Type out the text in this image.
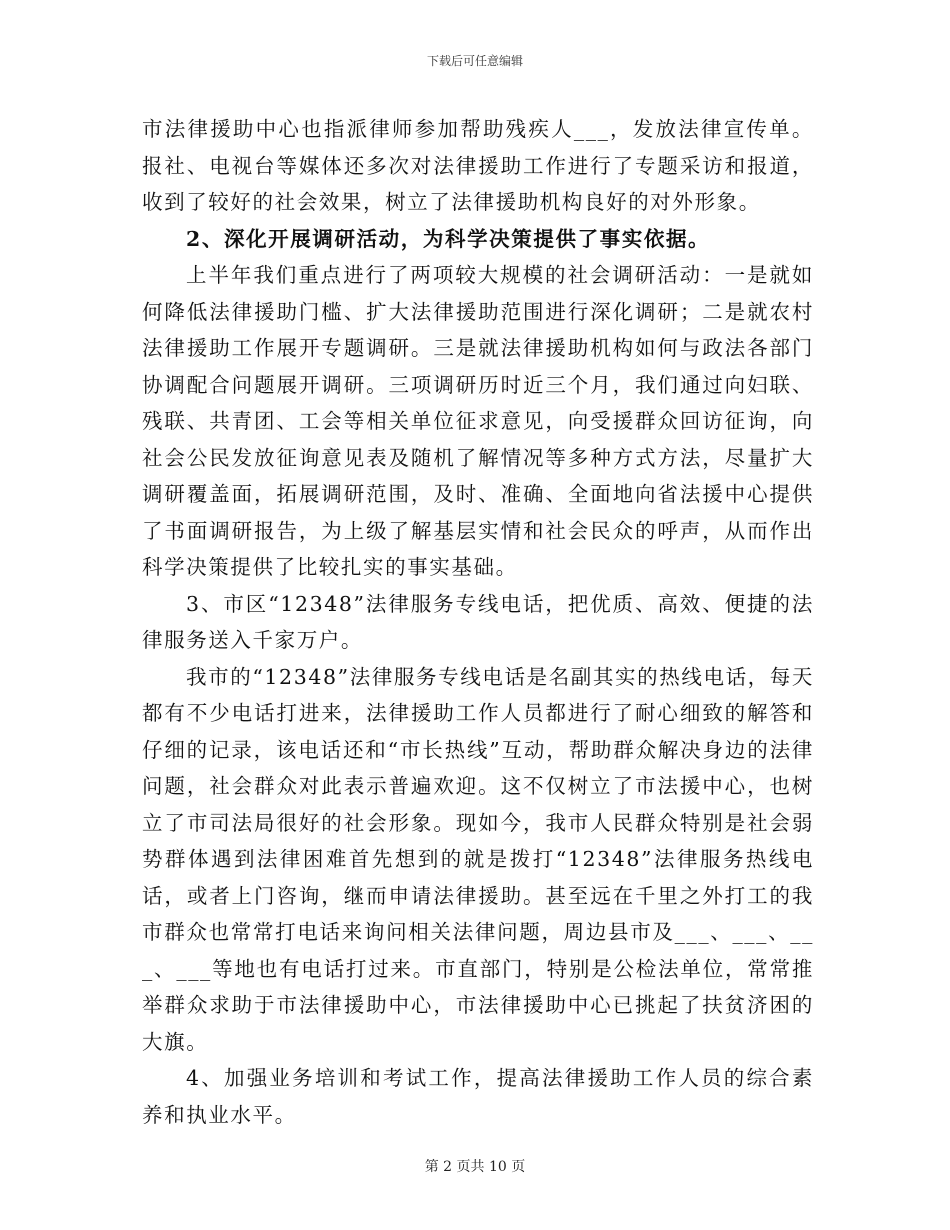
下载后可任意编辑

市法律援助中心也指派律师参加帮助残疾人___，发放法律宣传单。报社、电视台等媒体还多次对法律援助工作进行了专题采访和报道，收到了较好的社会效果，树立了法律援助机构良好的对外形象。

2、深化开展调研活动，为科学决策提供了事实依据。

上半年我们重点进行了两项较大规模的社会调研活动：一是就如何降低法律援助门槛、扩大法律援助范围进行深化调研；二是就农村法律援助工作展开专题调研。三是就法律援助机构如何与政法各部门协调配合问题展开调研。三项调研历时近三个月，我们通过向妇联、残联、共青团、工会等相关单位征求意见，向受援群众回访征询，向社会公民发放征询意见表及随机了解情况等多种方式方法，尽量扩大调研覆盖面，拓展调研范围，及时、准确、全面地向省法援中心提供了书面调研报告，为上级了解基层实情和社会民众的呼声，从而作出科学决策提供了比较扎实的事实基础。

3、市区“12348”法律服务专线电话，把优质、高效、便捷的法律服务送入千家万户。

我市的“12348”法律服务专线电话是名副其实的热线电话，每天都有不少电话打进来，法律援助工作人员都进行了耐心细致的解答和仔细的记录，该电话还和“市长热线”互动，帮助群众解决身边的法律问题，社会群众对此表示普遍欢迎。这不仅树立了市法援中心，也树立了市司法局很好的社会形象。现如今，我市人民群众特别是社会弱势群体遇到法律困难首先想到的就是拨打“12348”法律服务热线电话，或者上门咨询，继而申请法律援助。甚至远在千里之外打工的我市群众也常常打电话来询问相关法律问题，周边县市及___、___、___、___等地也有电话打过来。市直部门，特别是公检法单位，常常推举群众求助于市法律援助中心，市法律援助中心已挑起了扶贫济困的大旗。

4、加强业务培训和考试工作，提高法律援助工作人员的综合素养和执业水平。

第 2 页共 10 页
